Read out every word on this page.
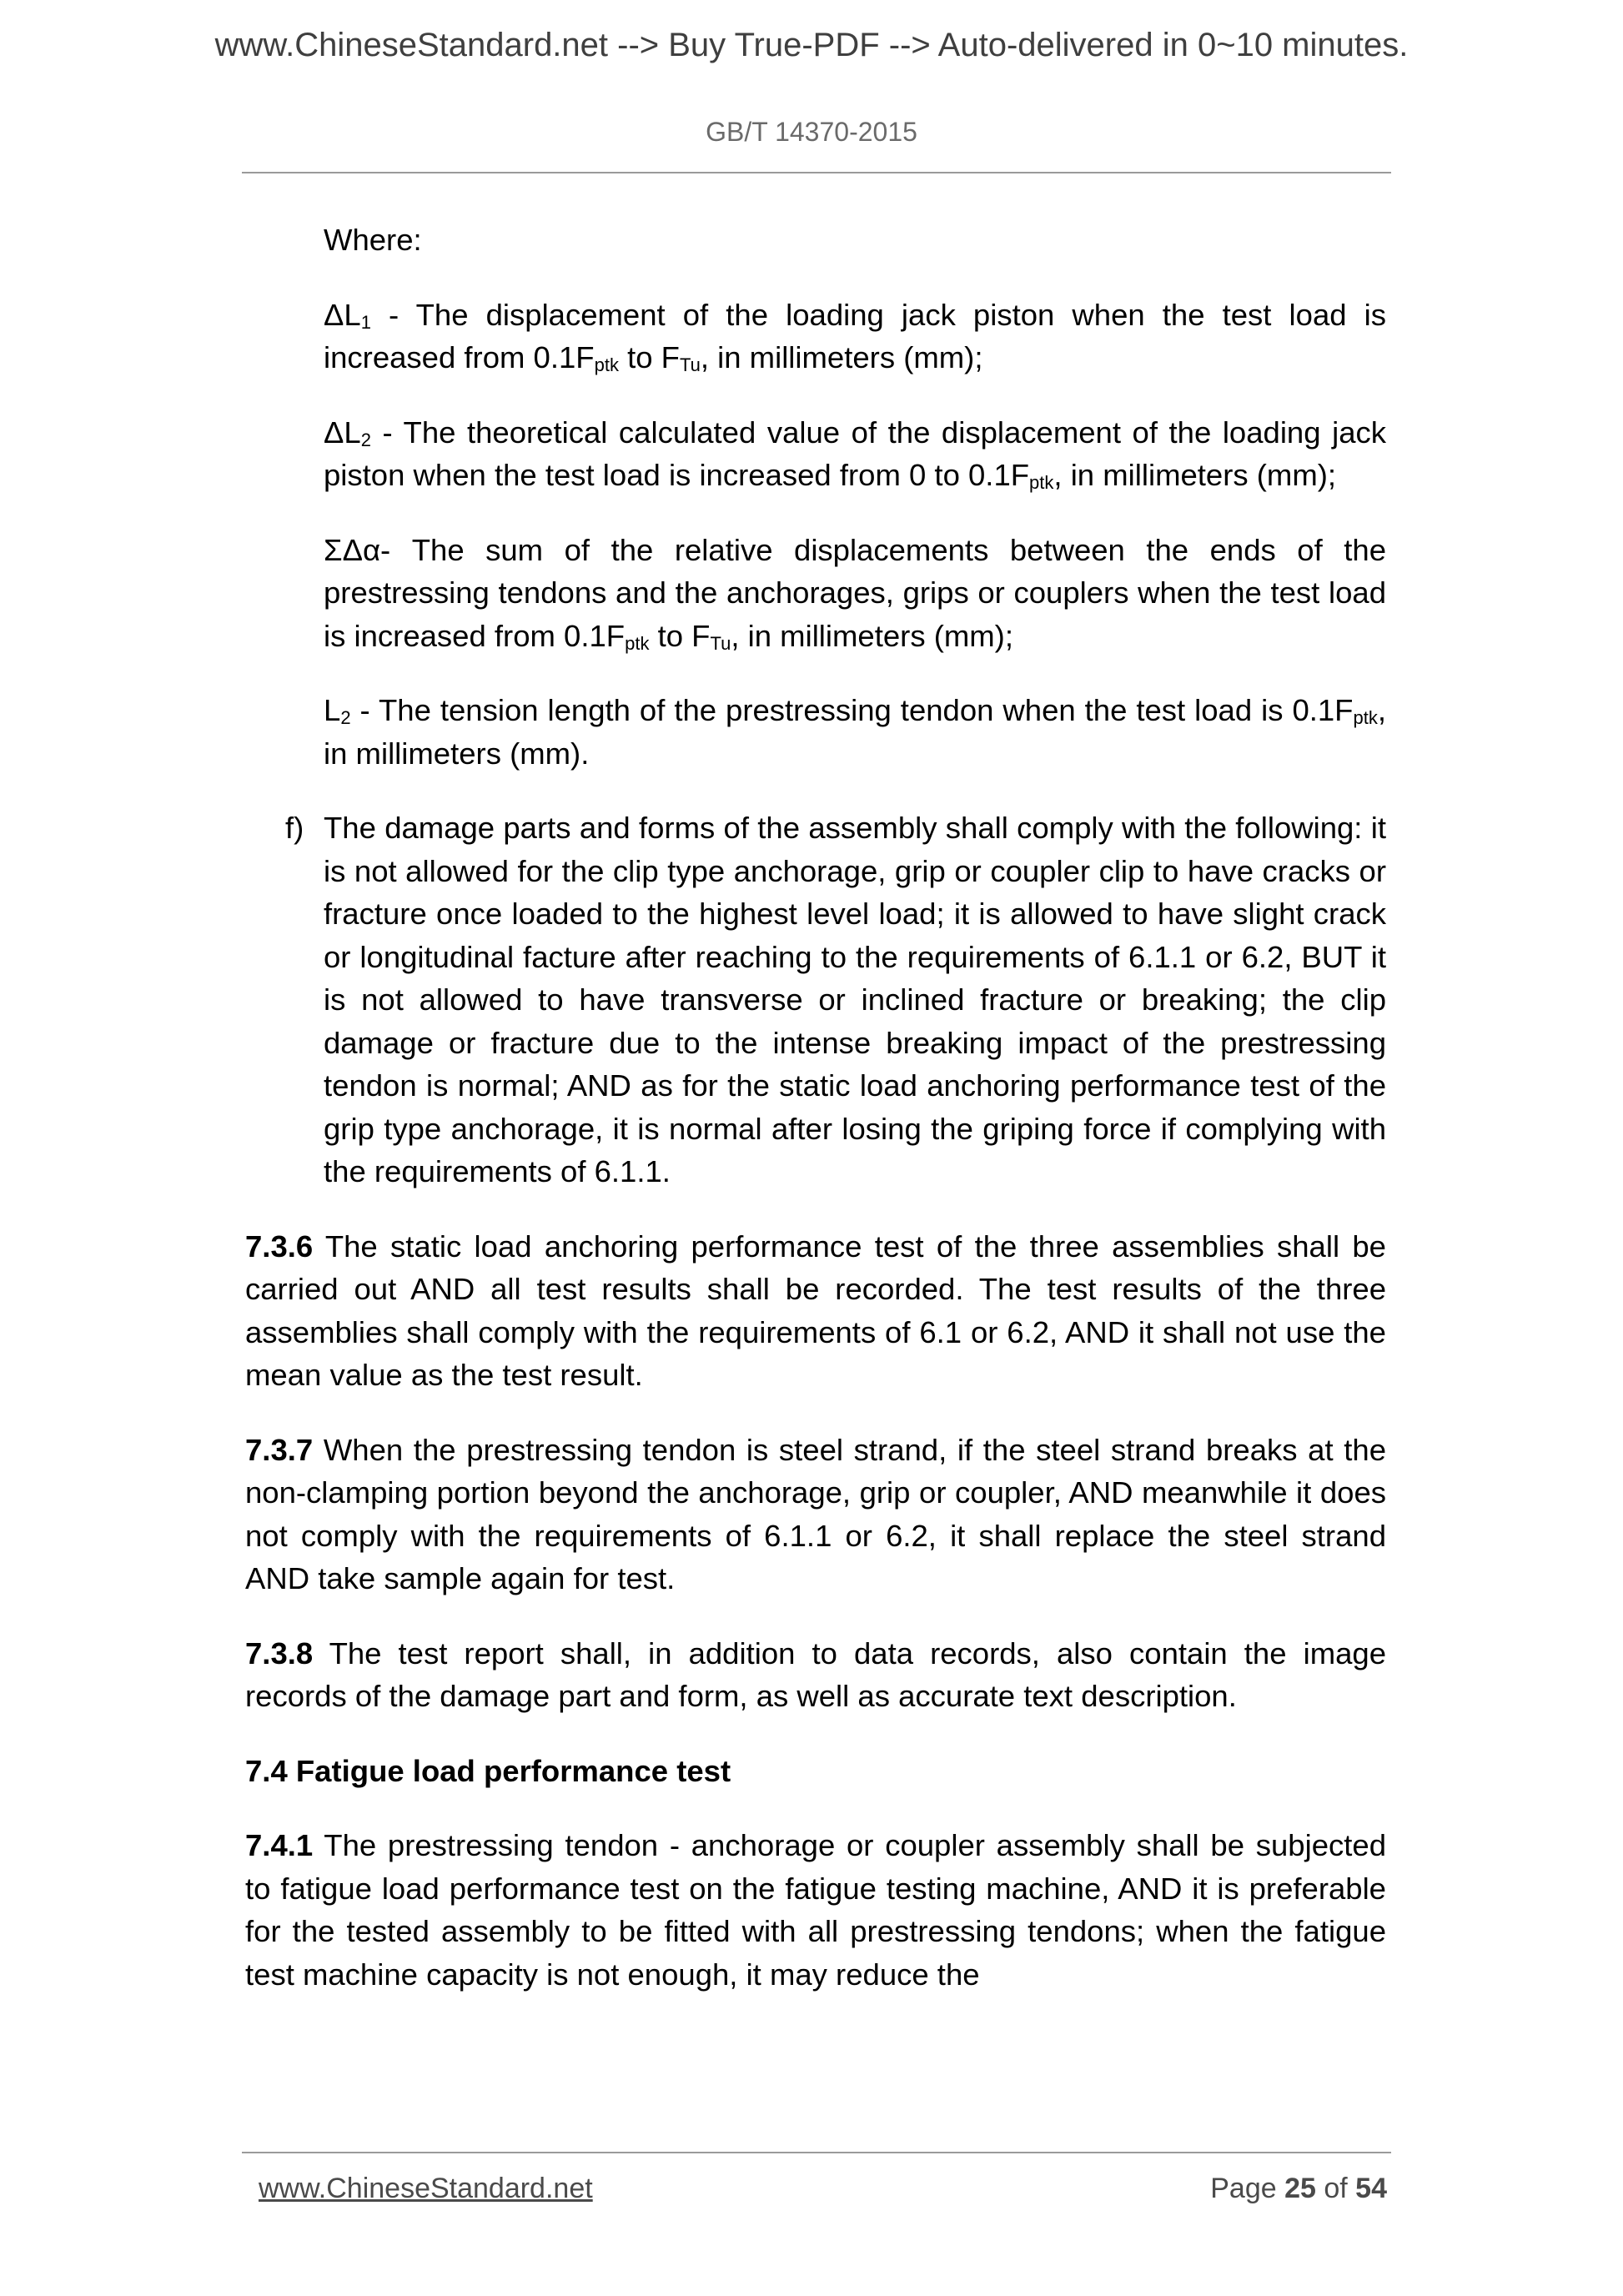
www.ChineseStandard.net --> Buy True-PDF --> Auto-delivered in 0~10 minutes.
GB/T 14370-2015

Where:

$\Delta L_1$ - The displacement of the loading jack piston when the test load is increased from $0.1F_{ptk}$ to $F_{Tu}$, in millimeters (mm);

$\Delta L_2$ - The theoretical calculated value of the displacement of the loading jack piston when the test load is increased from 0 to $0.1F_{ptk}$, in millimeters (mm);

ΣΔα- The sum of the relative displacements between the ends of the prestressing tendons and the anchorages, grips or couplers when the test load is increased from $0.1F_{ptk}$ to $F_{Tu}$, in millimeters (mm);

$L_2$ - The tension length of the prestressing tendon when the test load is $0.1F_{ptk}$, in millimeters (mm).

f) The damage parts and forms of the assembly shall comply with the following: it is not allowed for the clip type anchorage, grip or coupler clip to have cracks or fracture once loaded to the highest level load; it is allowed to have slight crack or longitudinal facture after reaching to the requirements of 6.1.1 or 6.2, BUT it is not allowed to have transverse or inclined fracture or breaking; the clip damage or fracture due to the intense breaking impact of the prestressing tendon is normal; AND as for the static load anchoring performance test of the grip type anchorage, it is normal after losing the griping force if complying with the requirements of 6.1.1.

7.3.6 The static load anchoring performance test of the three assemblies shall be carried out AND all test results shall be recorded. The test results of the three assemblies shall comply with the requirements of 6.1 or 6.2, AND it shall not use the mean value as the test result.

7.3.7 When the prestressing tendon is steel strand, if the steel strand breaks at the non-clamping portion beyond the anchorage, grip or coupler, AND meanwhile it does not comply with the requirements of 6.1.1 or 6.2, it shall replace the steel strand AND take sample again for test.

7.3.8 The test report shall, in addition to data records, also contain the image records of the damage part and form, as well as accurate text description.

7.4 Fatigue load performance test

7.4.1 The prestressing tendon - anchorage or coupler assembly shall be subjected to fatigue load performance test on the fatigue testing machine, AND it is preferable for the tested assembly to be fitted with all prestressing tendons; when the fatigue test machine capacity is not enough, it may reduce the

www.ChineseStandard.net	Page 25 of 54
